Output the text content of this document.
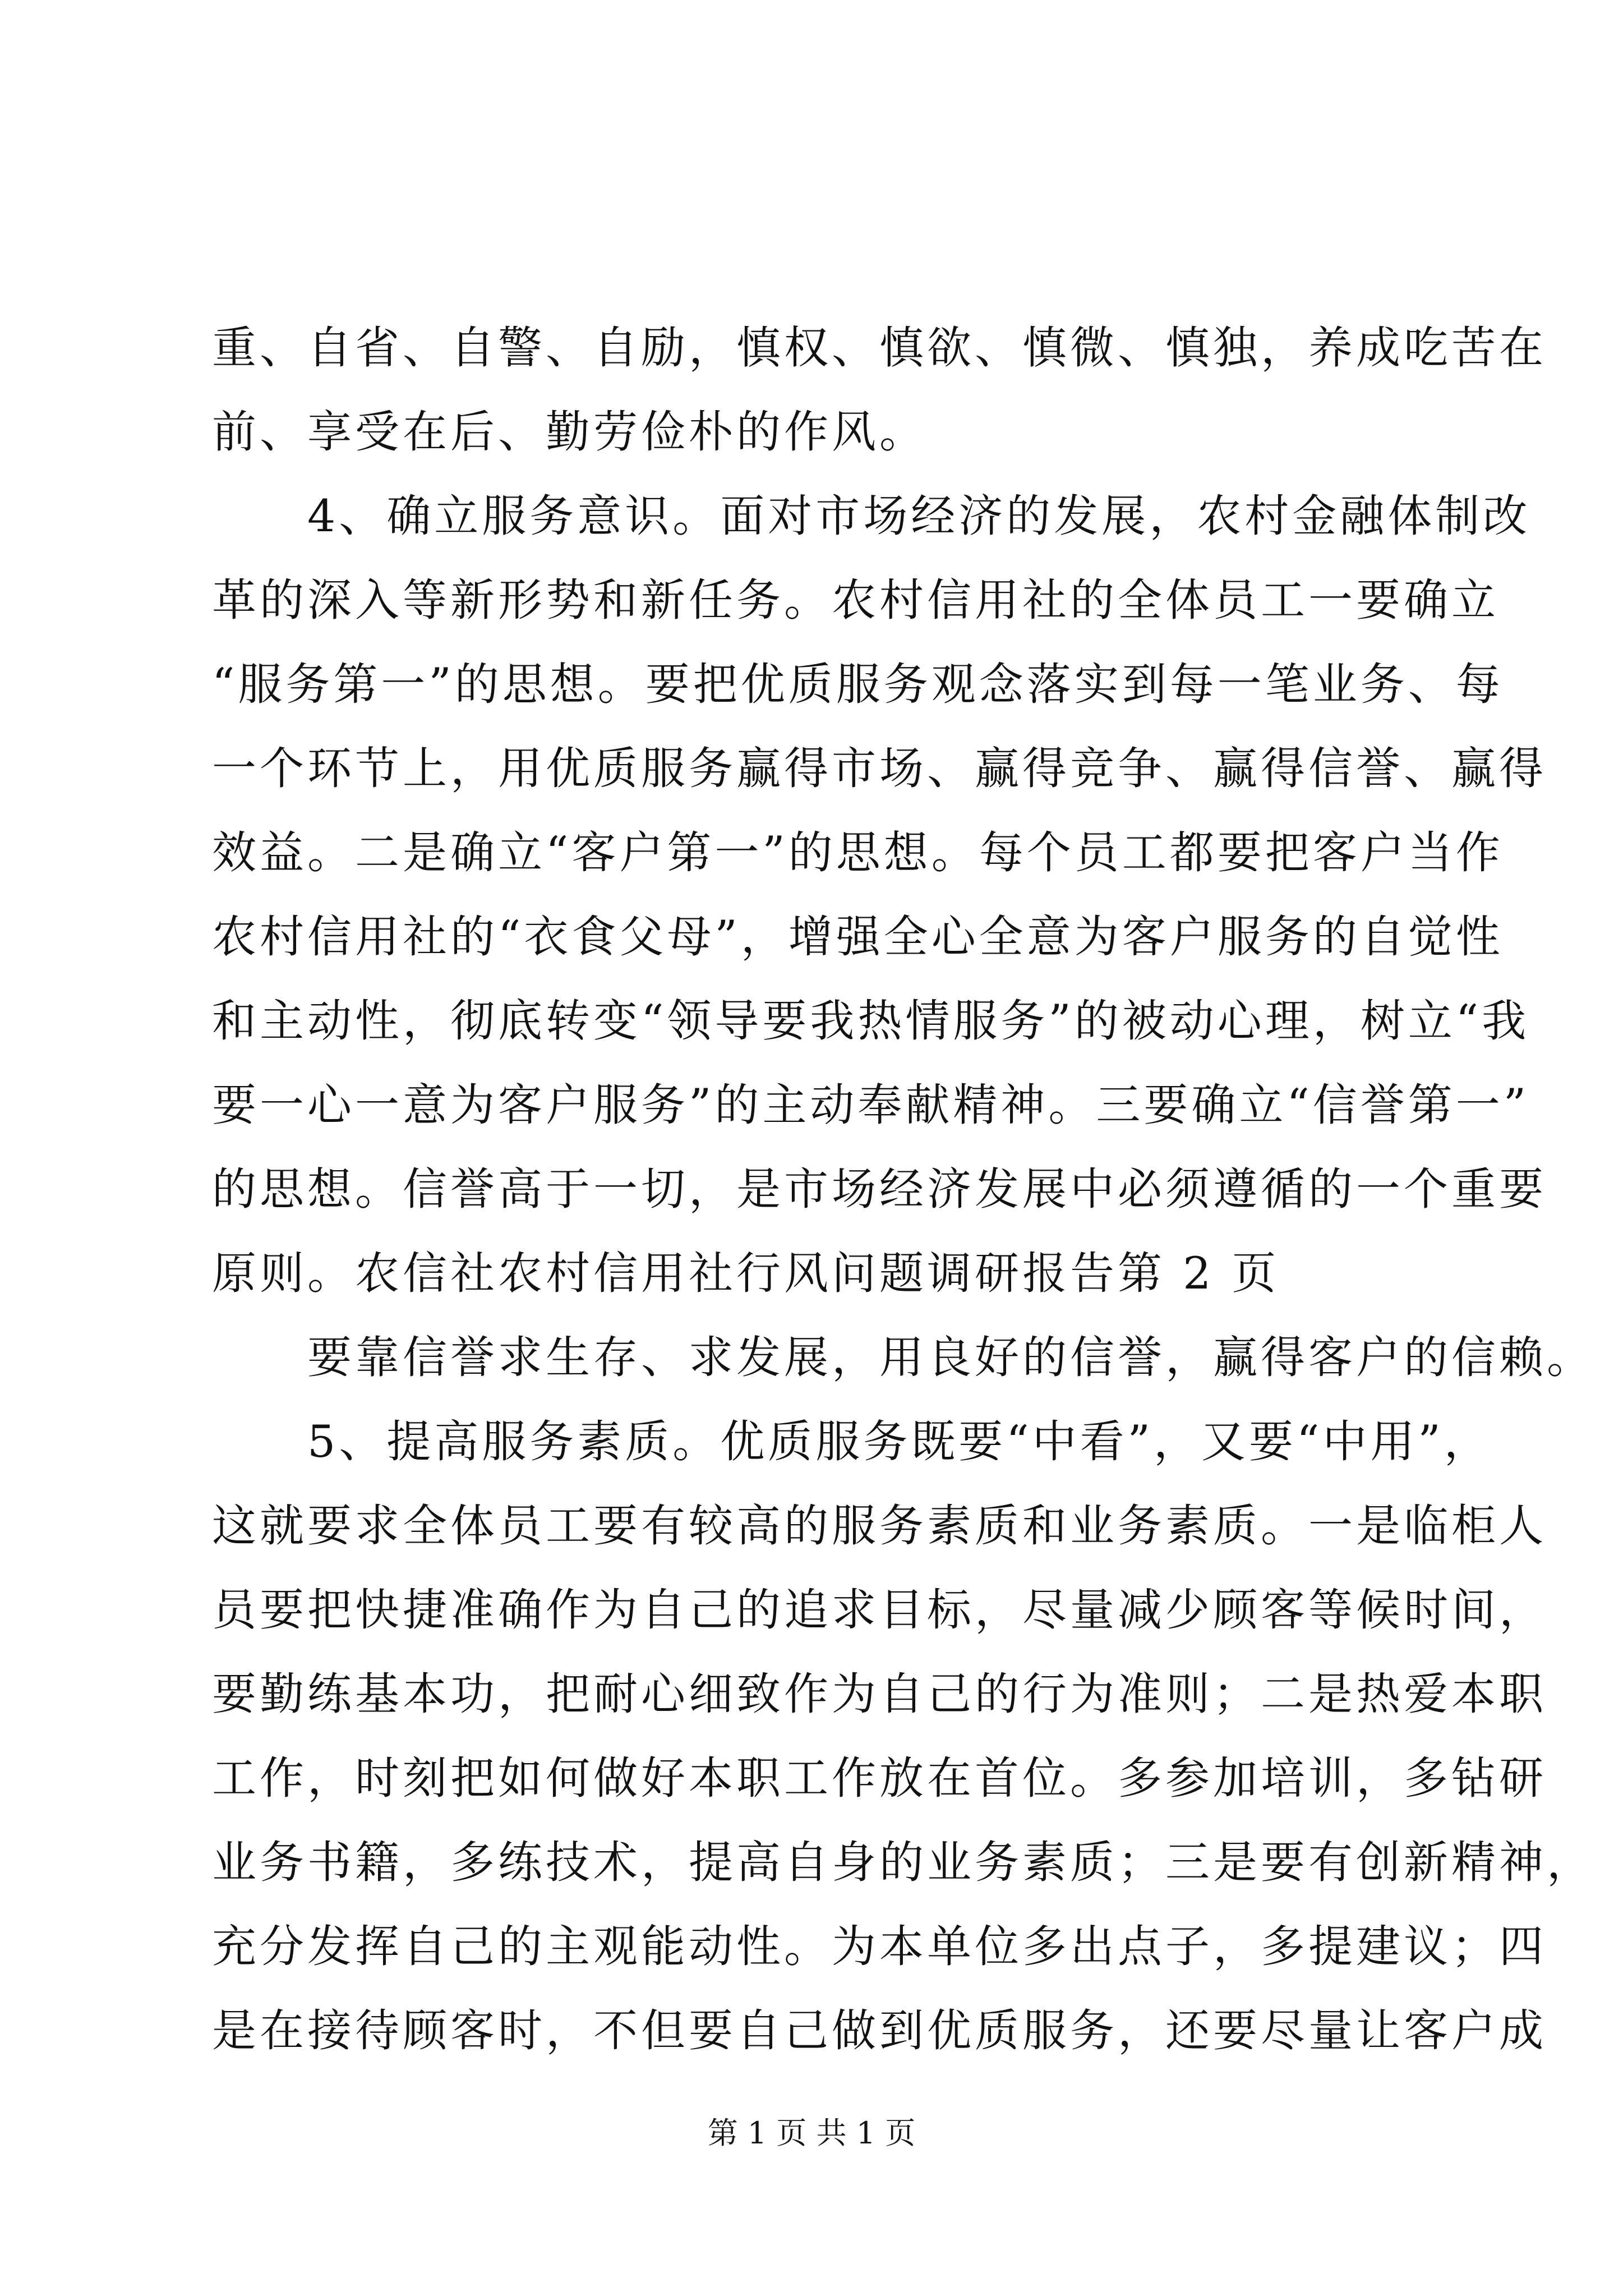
重、自省、自警、自励，慎权、慎欲、慎微、慎独，养成吃苦在
前、享受在后、勤劳俭朴的作风。
4、确立服务意识。面对市场经济的发展，农村金融体制改
革的深入等新形势和新任务。农村信用社的全体员工一要确立
“服务第一”的思想。要把优质服务观念落实到每一笔业务、每
一个环节上，用优质服务赢得市场、赢得竞争、赢得信誉、赢得
效益。二是确立“客户第一”的思想。每个员工都要把客户当作
农村信用社的“衣食父母”，增强全心全意为客户服务的自觉性
和主动性，彻底转变“领导要我热情服务”的被动心理，树立“我
要一心一意为客户服务”的主动奉献精神。三要确立“信誉第一”
的思想。信誉高于一切，是市场经济发展中必须遵循的一个重要
原则。农信社农村信用社行风问题调研报告第 2 页
要靠信誉求生存、求发展，用良好的信誉，赢得客户的信赖。
5、提高服务素质。优质服务既要“中看”，又要“中用”，
这就要求全体员工要有较高的服务素质和业务素质。一是临柜人
员要把快捷准确作为自己的追求目标，尽量减少顾客等候时间，
要勤练基本功，把耐心细致作为自己的行为准则；二是热爱本职
工作，时刻把如何做好本职工作放在首位。多参加培训，多钻研
业务书籍，多练技术，提高自身的业务素质；三是要有创新精神，
充分发挥自己的主观能动性。为本单位多出点子，多提建议；四
是在接待顾客时，不但要自己做到优质服务，还要尽量让客户成
第 1 页 共 1 页
